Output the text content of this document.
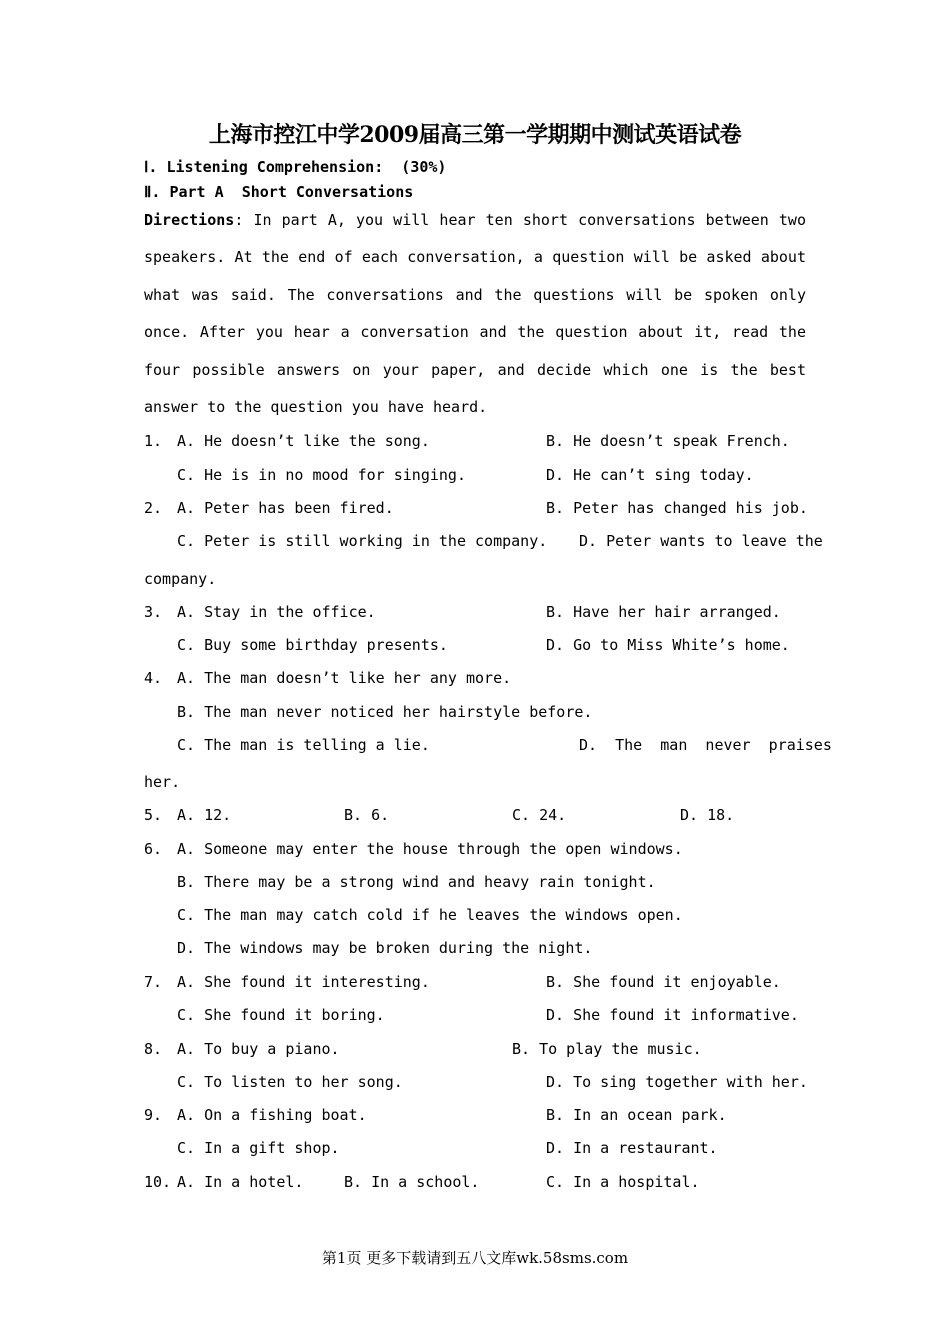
上海市控江中学2009届高三第一学期期中测试英语试卷
Ⅰ. Listening Comprehension:  (30%)
Ⅱ. Part A  Short Conversations
Directions: In part A, you will hear ten short conversations between two speakers. At the end of each conversation, a question will be asked about what was said. The conversations and the questions will be spoken only once. After you hear a conversation and the question about it, read the four possible answers on your paper, and decide which one is the best answer to the question you have heard.
1. A. He doesn’t like the song.	B. He doesn’t speak French.
C. He is in no mood for singing.	D. He can’t sing today.
2. A. Peter has been fired.	B. Peter has changed his job.
C. Peter is still working in the company. D. Peter wants to leave the
company.
3. A. Stay in the office.	B. Have her hair arranged.
C. Buy some birthday presents.	D. Go to Miss White’s home.
4. A. The man doesn’t like her any more.
B. The man never noticed her hairstyle before.
C. The man is telling a lie.	D.  The  man  never  praises
her.
5. A. 12.	B. 6.	C. 24.	D. 18.
6. A. Someone may enter the house through the open windows.
B. There may be a strong wind and heavy rain tonight.
C. The man may catch cold if he leaves the windows open.
D. The windows may be broken during the night.
7. A. She found it interesting.	B. She found it enjoyable.
C. She found it boring.	D. She found it informative.
8. A. To buy a piano.	B. To play the music.
C. To listen to her song.	D. To sing together with her.
9. A. On a fishing boat.	B. In an ocean park.
C. In a gift shop.	D. In a restaurant.
10. A. In a hotel.	B. In a school.	C. In a hospital.
第1页 更多下载请到五八文库wk.58sms.com
